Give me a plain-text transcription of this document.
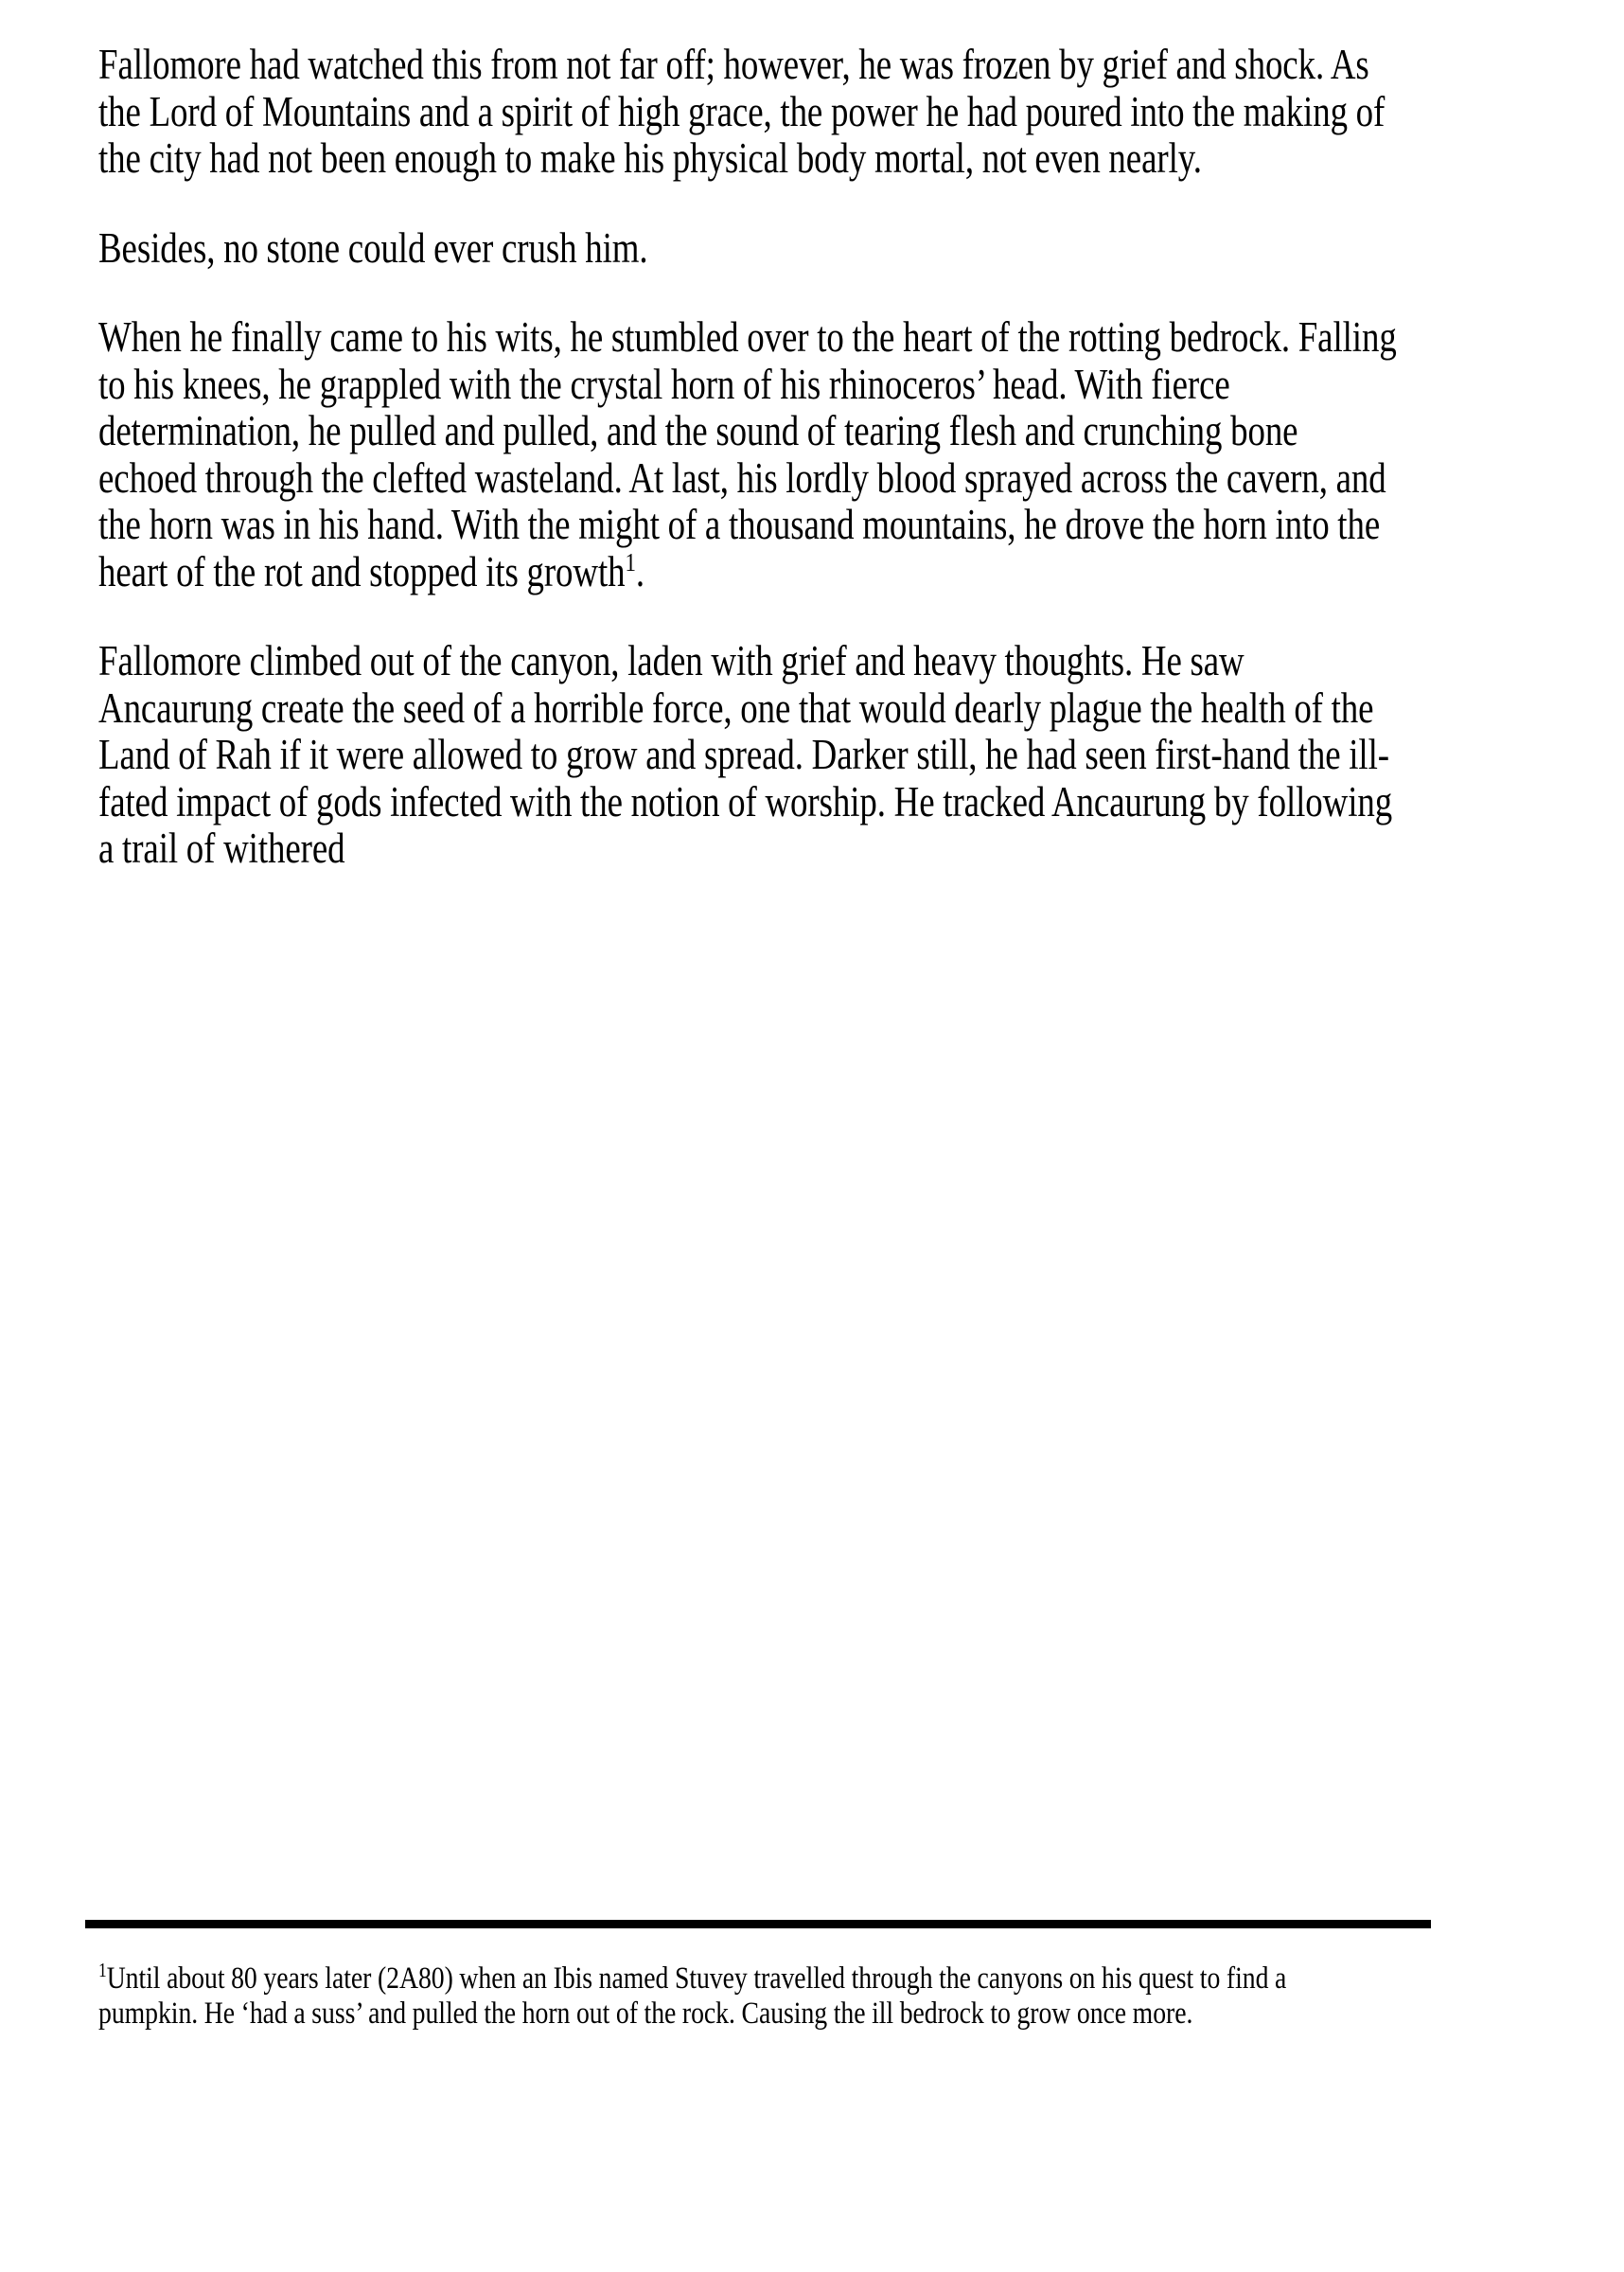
Fallomore had watched this from not far off; however, he was frozen by grief and shock. As the Lord of Mountains and a spirit of high grace, the power he had poured into the making of the city had not been enough to make his physical body mortal, not even nearly.

Besides, no stone could ever crush him.

When he finally came to his wits, he stumbled over to the heart of the rotting bedrock. Falling to his knees, he grappled with the crystal horn of his rhinoceros’ head. With fierce determination, he pulled and pulled, and the sound of tearing flesh and crunching bone echoed through the clefted wasteland. At last, his lordly blood sprayed across the cavern, and the horn was in his hand. With the might of a thousand mountains, he drove the horn into the heart of the rot and stopped its growth$^1$.

Fallomore climbed out of the canyon, laden with grief and heavy thoughts. He saw Ancaurung create the seed of a horrible force, one that would dearly plague the health of the Land of Rah if it were allowed to grow and spread. Darker still, he had seen first-hand the ill-fated impact of gods infected with the notion of worship. He tracked Ancaurung by following a trail of withered

$^1$Until about 80 years later (2A80) when an Ibis named Stuvey travelled through the canyons on his quest to find a pumpkin. He ‘had a suss’ and pulled the horn out of the rock. Causing the ill bedrock to grow once more.
